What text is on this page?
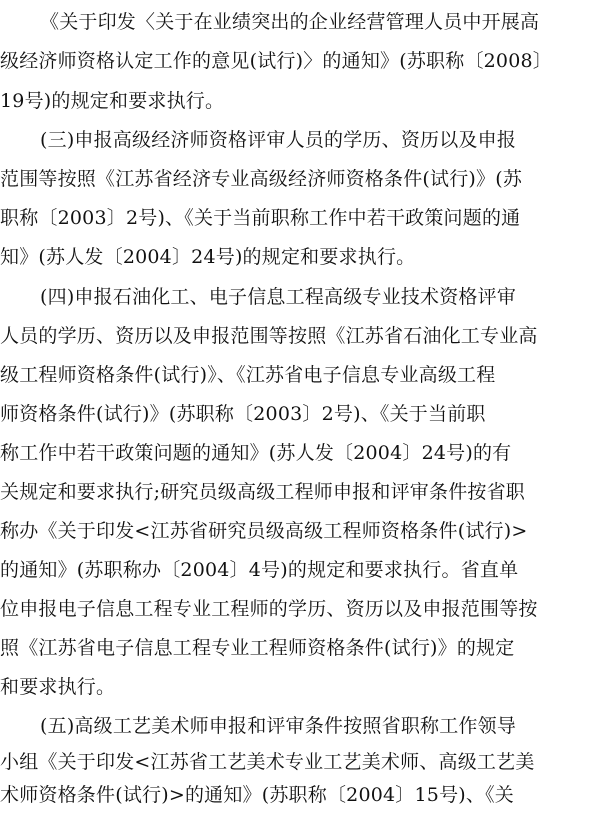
《关于印发〈关于在业绩突出的企业经营管理人员中开展高
级经济师资格认定工作的意见(试行)〉的通知》(苏职称〔2008〕
19号)的规定和要求执行。
(三)申报高级经济师资格评审人员的学历、资历以及申报
范围等按照《江苏省经济专业高级经济师资格条件(试行)》(苏
职称〔2003〕2号)、《关于当前职称工作中若干政策问题的通
知》(苏人发〔2004〕24号)的规定和要求执行。
(四)申报石油化工、电子信息工程高级专业技术资格评审
人员的学历、资历以及申报范围等按照《江苏省石油化工专业高
级工程师资格条件(试行)》、《江苏省电子信息专业高级工程
师资格条件(试行)》(苏职称〔2003〕2号)、《关于当前职
称工作中若干政策问题的通知》(苏人发〔2004〕24号)的有
关规定和要求执行;研究员级高级工程师申报和评审条件按省职
称办《关于印发<江苏省研究员级高级工程师资格条件(试行)>
的通知》(苏职称办〔2004〕4号)的规定和要求执行。省直单
位申报电子信息工程专业工程师的学历、资历以及申报范围等按
照《江苏省电子信息工程专业工程师资格条件(试行)》的规定
和要求执行。
(五)高级工艺美术师申报和评审条件按照省职称工作领导
小组《关于印发<江苏省工艺美术专业工艺美术师、高级工艺美
术师资格条件(试行)>的通知》(苏职称〔2004〕15号)、《关
